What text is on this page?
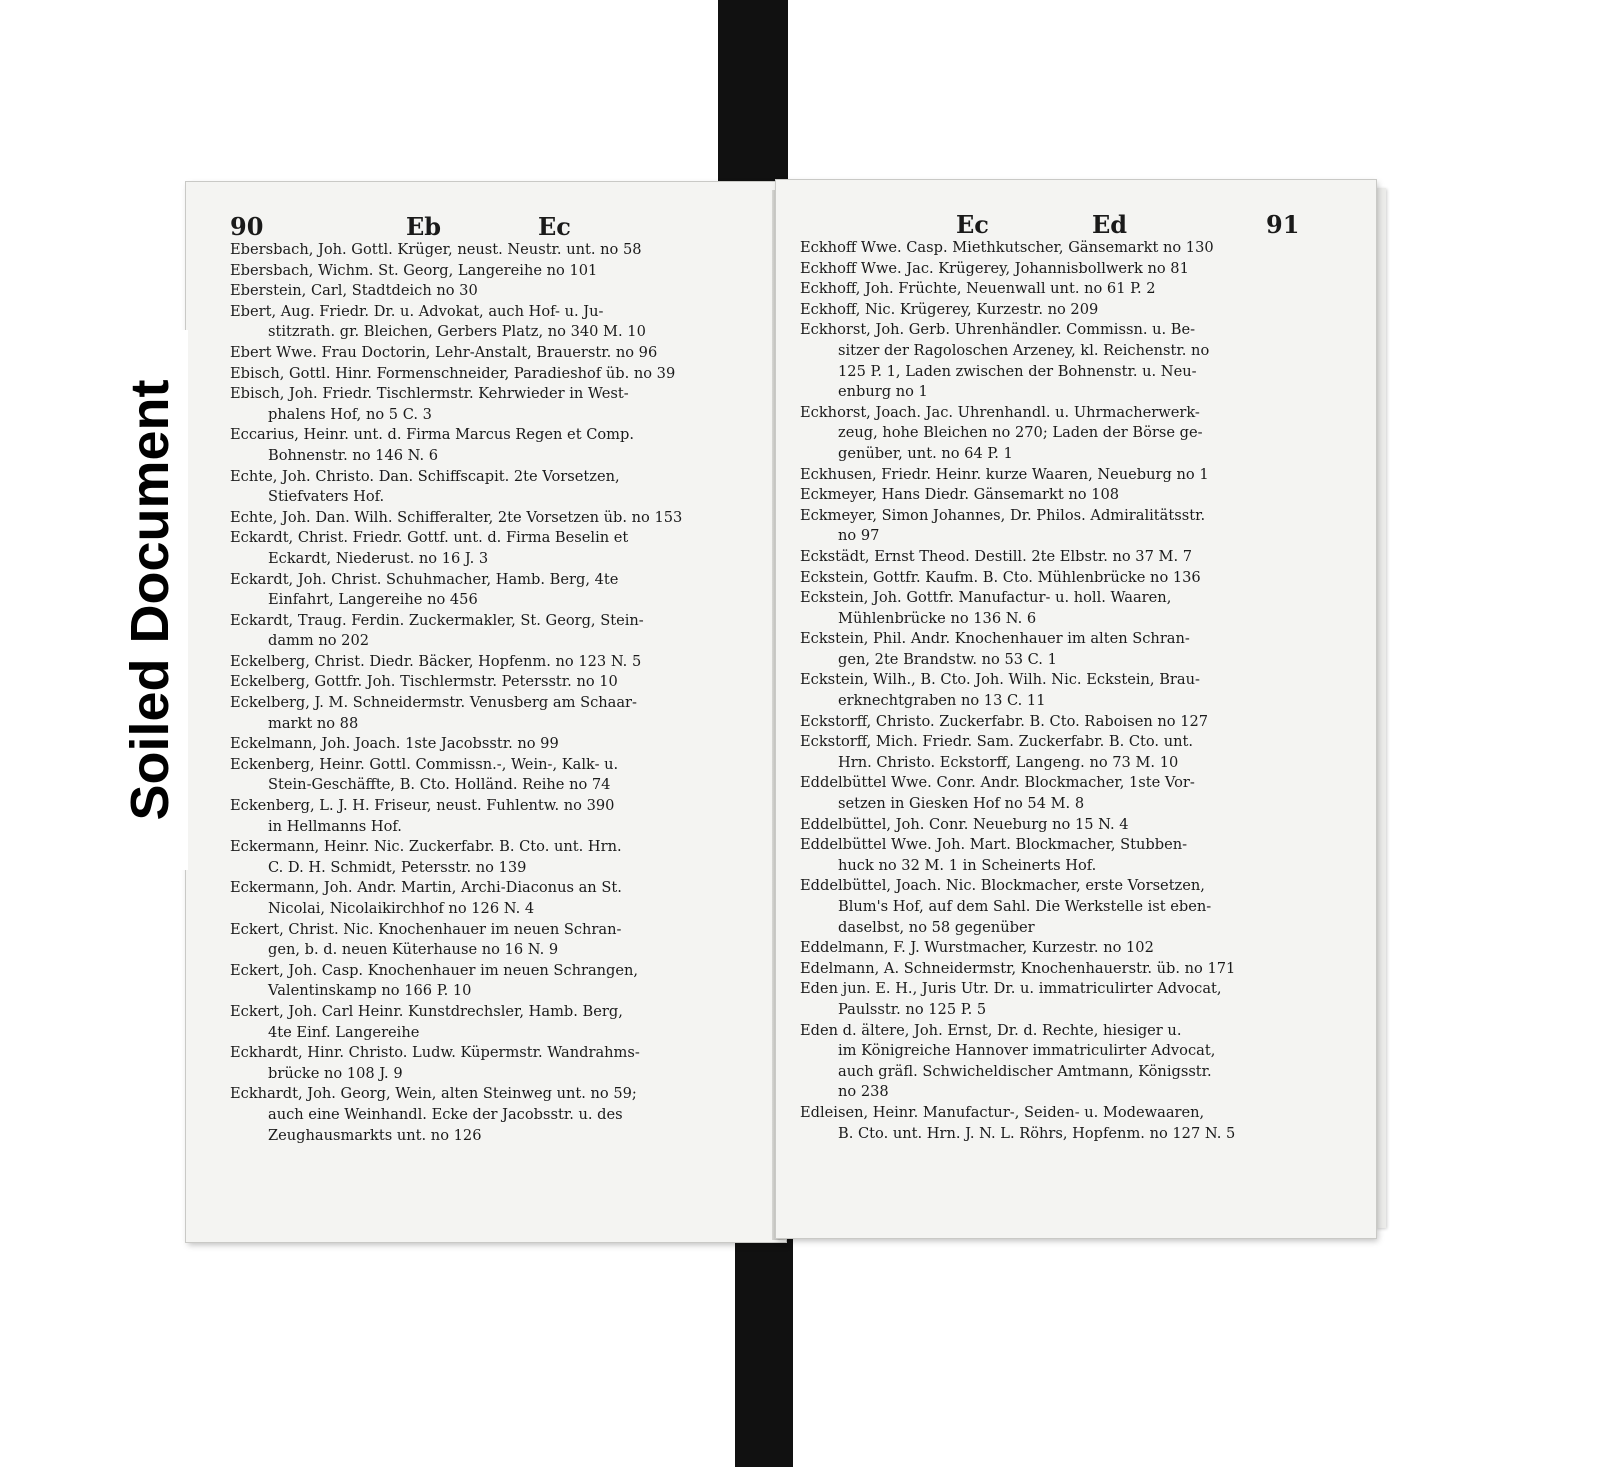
90	Eb	Ec
Ebersbach, Joh. Gottl. Krüger, neust. Neustr. unt. no 58
Ebersbach, Wichm. St. Georg, Langereihe no 101
Eberstein, Carl, Stadtdeich no 30
Ebert, Aug. Friedr. Dr. u. Advokat, auch Hof- u. Ju-
stitzrath. gr. Bleichen, Gerbers Platz, no 340 M. 10
Ebert Wwe. Frau Doctorin, Lehr-Anstalt, Brauerstr. no 96
Ebisch, Gottl. Hinr. Formenschneider, Paradieshof üb. no 39
Ebisch, Joh. Friedr. Tischlermstr. Kehrwieder in West-
phalens Hof, no 5 C. 3
Eccarius, Heinr. unt. d. Firma Marcus Regen et Comp.
Bohnenstr. no 146 N. 6
Echte, Joh. Christo. Dan. Schiffscapit. 2te Vorsetzen,
Stiefvaters Hof.
Echte, Joh. Dan. Wilh. Schifferalter, 2te Vorsetzen üb. no 153
Eckardt, Christ. Friedr. Gottf. unt. d. Firma Beselin et
Eckardt, Niederust. no 16 J. 3
Eckardt, Joh. Christ. Schuhmacher, Hamb. Berg, 4te
Einfahrt, Langereihe no 456
Eckardt, Traug. Ferdin. Zuckermakler, St. Georg, Stein-
damm no 202
Eckelberg, Christ. Diedr. Bäcker, Hopfenm. no 123 N. 5
Eckelberg, Gottfr. Joh. Tischlermstr. Petersstr. no 10
Eckelberg, J. M. Schneidermstr. Venusberg am Schaar-
markt no 88
Eckelmann, Joh. Joach. 1ste Jacobsstr. no 99
Eckenberg, Heinr. Gottl. Commissn.-, Wein-, Kalk- u.
Stein-Geschäffte, B. Cto. Holländ. Reihe no 74
Eckenberg, L. J. H. Friseur, neust. Fuhlentw. no 390
in Hellmanns Hof.
Eckermann, Heinr. Nic. Zuckerfabr. B. Cto. unt. Hrn.
C. D. H. Schmidt, Petersstr. no 139
Eckermann, Joh. Andr. Martin, Archi-Diaconus an St.
Nicolai, Nicolaikirchhof no 126 N. 4
Eckert, Christ. Nic. Knochenhauer im neuen Schran-
gen, b. d. neuen Küterhause no 16 N. 9
Eckert, Joh. Casp. Knochenhauer im neuen Schrangen,
Valentinskamp no 166 P. 10
Eckert, Joh. Carl Heinr. Kunstdrechsler, Hamb. Berg,
4te Einf. Langereihe
Eckhardt, Hinr. Christo. Ludw. Küpermstr. Wandrahms-
brücke no 108 J. 9
Eckhardt, Joh. Georg, Wein, alten Steinweg unt. no 59;
auch eine Weinhandl. Ecke der Jacobsstr. u. des
Zeughausmarkts unt. no 126
Ec	Ed	91
Eckhoff Wwe. Casp. Miethkutscher, Gänsemarkt no 130
Eckhoff Wwe. Jac. Krügerey, Johannisbollwerk no 81
Eckhoff, Joh. Früchte, Neuenwall unt. no 61 P. 2
Eckhoff, Nic. Krügerey, Kurzestr. no 209
Eckhorst, Joh. Gerb. Uhrenhändler. Commissn. u. Be-
sitzer der Ragoloschen Arzeney, kl. Reichenstr. no
125 P. 1, Laden zwischen der Bohnenstr. u. Neu-
enburg no 1
Eckhorst, Joach. Jac. Uhrenhandl. u. Uhrmacherwerk-
zeug, hohe Bleichen no 270; Laden der Börse ge-
genüber, unt. no 64 P. 1
Eckhusen, Friedr. Heinr. kurze Waaren, Neueburg no 1
Eckmeyer, Hans Diedr. Gänsemarkt no 108
Eckmeyer, Simon Johannes, Dr. Philos. Admiralitätsstr.
no 97
Eckstädt, Ernst Theod. Destill. 2te Elbstr. no 37 M. 7
Eckstein, Gottfr. Kaufm. B. Cto. Mühlenbrücke no 136
Eckstein, Joh. Gottfr. Manufactur- u. holl. Waaren,
Mühlenbrücke no 136 N. 6
Eckstein, Phil. Andr. Knochenhauer im alten Schran-
gen, 2te Brandstw. no 53 C. 1
Eckstein, Wilh., B. Cto. Joh. Wilh. Nic. Eckstein, Brau-
erknechtgraben no 13 C. 11
Eckstorff, Christo. Zuckerfabr. B. Cto. Raboisen no 127
Eckstorff, Mich. Friedr. Sam. Zuckerfabr. B. Cto. unt.
Hrn. Christo. Eckstorff, Langeng. no 73 M. 10
Eddelbüttel Wwe. Conr. Andr. Blockmacher, 1ste Vor-
setzen in Giesken Hof no 54 M. 8
Eddelbüttel, Joh. Conr. Neueburg no 15 N. 4
Eddelbüttel Wwe. Joh. Mart. Blockmacher, Stubben-
huck no 32 M. 1 in Scheinerts Hof.
Eddelbüttel, Joach. Nic. Blockmacher, erste Vorsetzen,
Blum's Hof, auf dem Sahl. Die Werkstelle ist eben-
daselbst, no 58 gegenüber
Eddelmann, F. J. Wurstmacher, Kurzestr. no 102
Edelmann, A. Schneidermstr, Knochenhauerstr. üb. no 171
Eden jun. E. H., Juris Utr. Dr. u. immatriculirter Advocat,
Paulsstr. no 125 P. 5
Eden d. ältere, Joh. Ernst, Dr. d. Rechte, hiesiger u.
im Königreiche Hannover immatriculirter Advocat,
auch gräfl. Schwicheldischer Amtmann, Königsstr.
no 238
Edleisen, Heinr. Manufactur-, Seiden- u. Modewaaren,
B. Cto. unt. Hrn. J. N. L. Röhrs, Hopfenm. no 127 N. 5
Soiled Document
